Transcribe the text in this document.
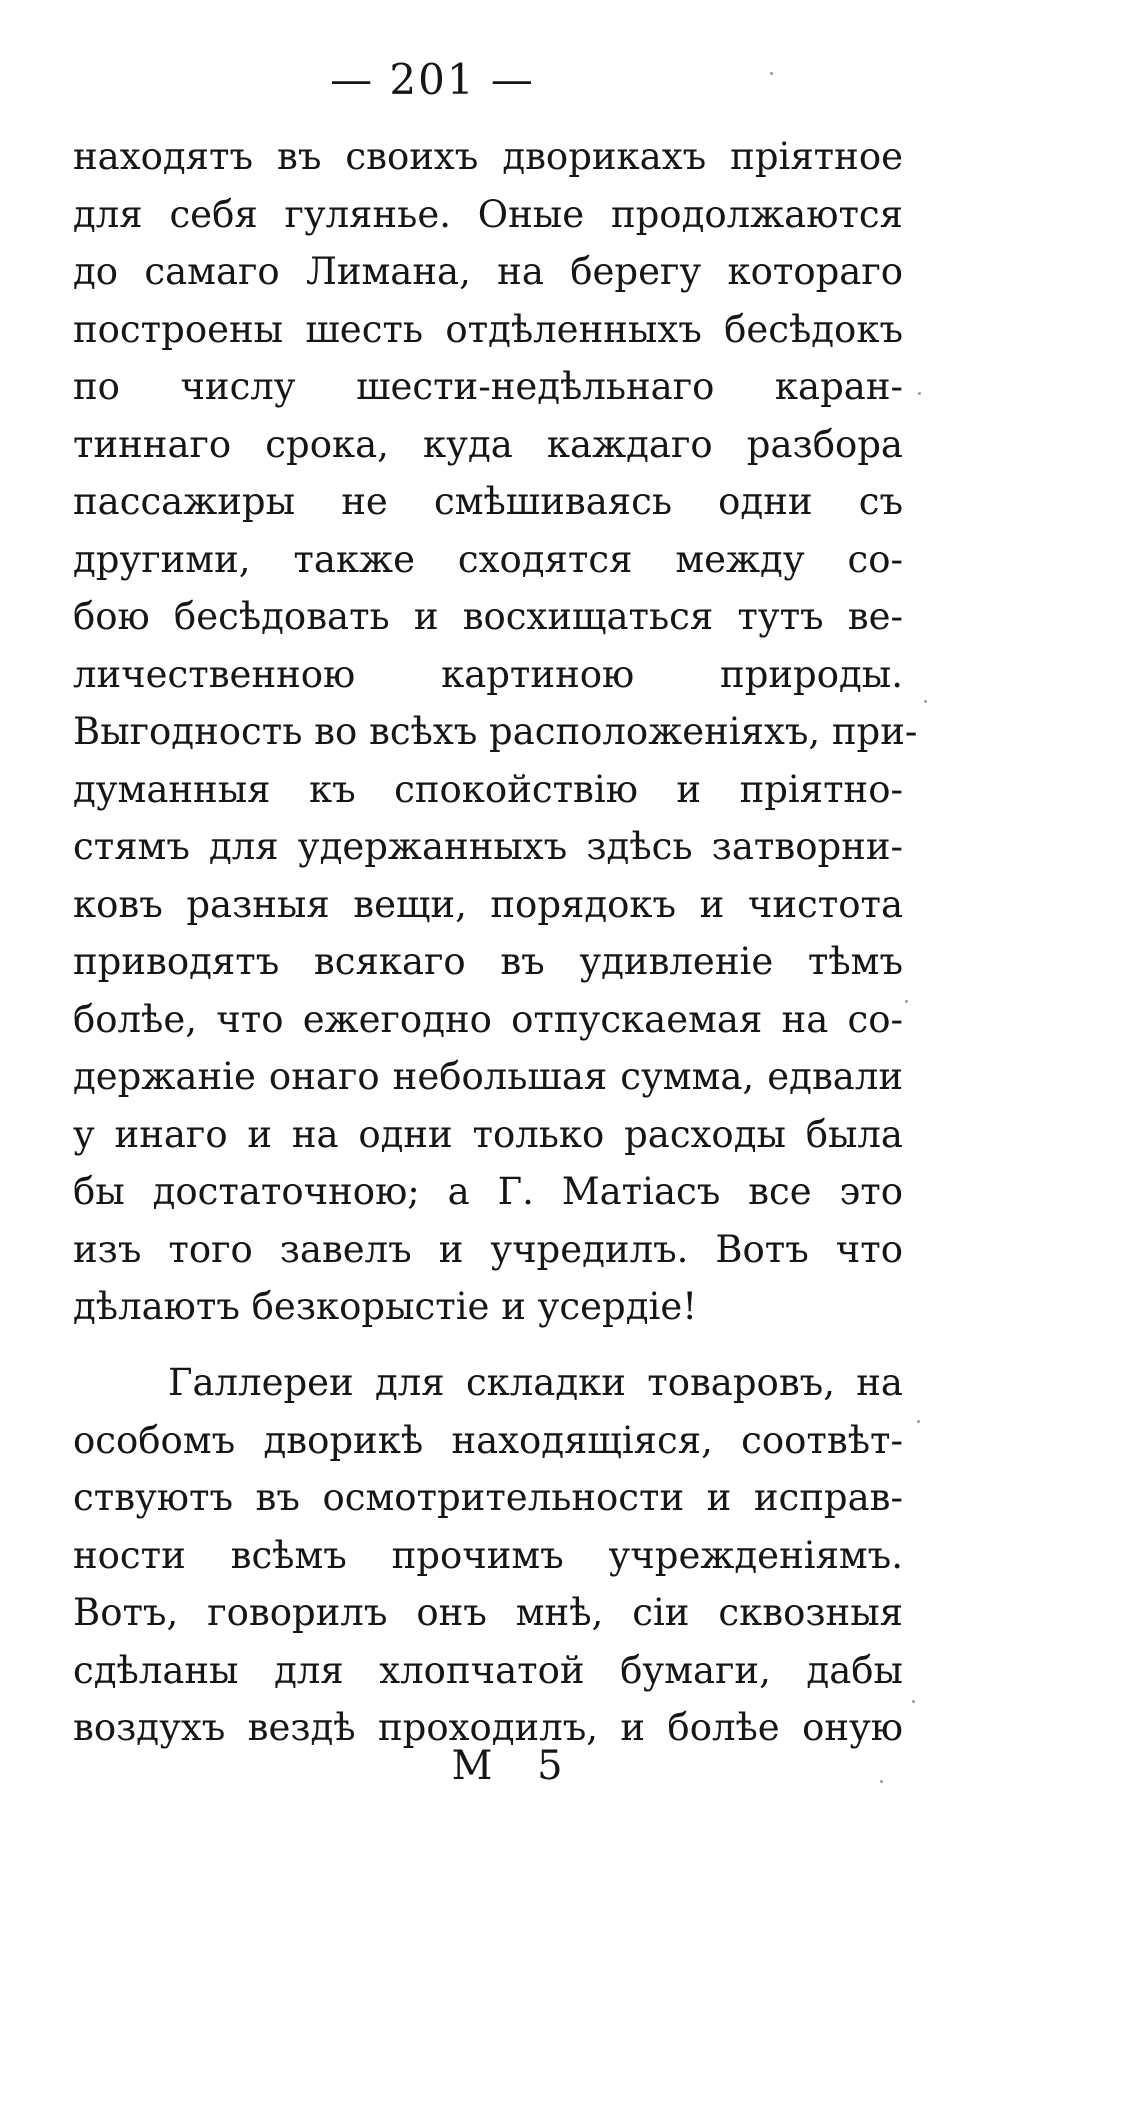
— 201 —
находятъ въ своихъ дворикахъ пріятное
для себя гулянье. Оные продолжаются
до самаго Лимана, на берегу котораго
построены шесть отдѣленныхъ бесѣдокъ
по числу шести-недѣльнаго каран-
тиннаго срока, куда каждаго разбора
пассажиры не смѣшиваясь одни съ
другими, также сходятся между со-
бою бесѣдовать и восхищаться тутъ ве-
личественною картиною природы.
Выгодность во всѣхъ расположеніяхъ, при-
думанныя къ спокойствію и пріятно-
стямъ для удержанныхъ здѣсь затворни-
ковъ разныя вещи, порядокъ и чистота
приводятъ всякаго въ удивленіе тѣмъ
болѣе, что ежегодно отпускаемая на со-
держаніе онаго небольшая сумма, едвали
у инаго и на одни только расходы была
бы достаточною; а Г. Матіасъ все это
изъ того завелъ и учредилъ. Вотъ что
дѣлаютъ безкорыстіе и усердіе!
Галлереи для складки товаровъ, на
особомъ дворикѣ находящіяся, соотвѣт-
ствуютъ въ осмотрительности и исправ-
ности всѣмъ прочимъ учрежденіямъ.
Вотъ, говорилъ онъ мнѣ, сіи сквозныя
сдѣланы для хлопчатой бумаги, дабы
воздухъ вездѣ проходилъ, и болѣе оную
М 5
